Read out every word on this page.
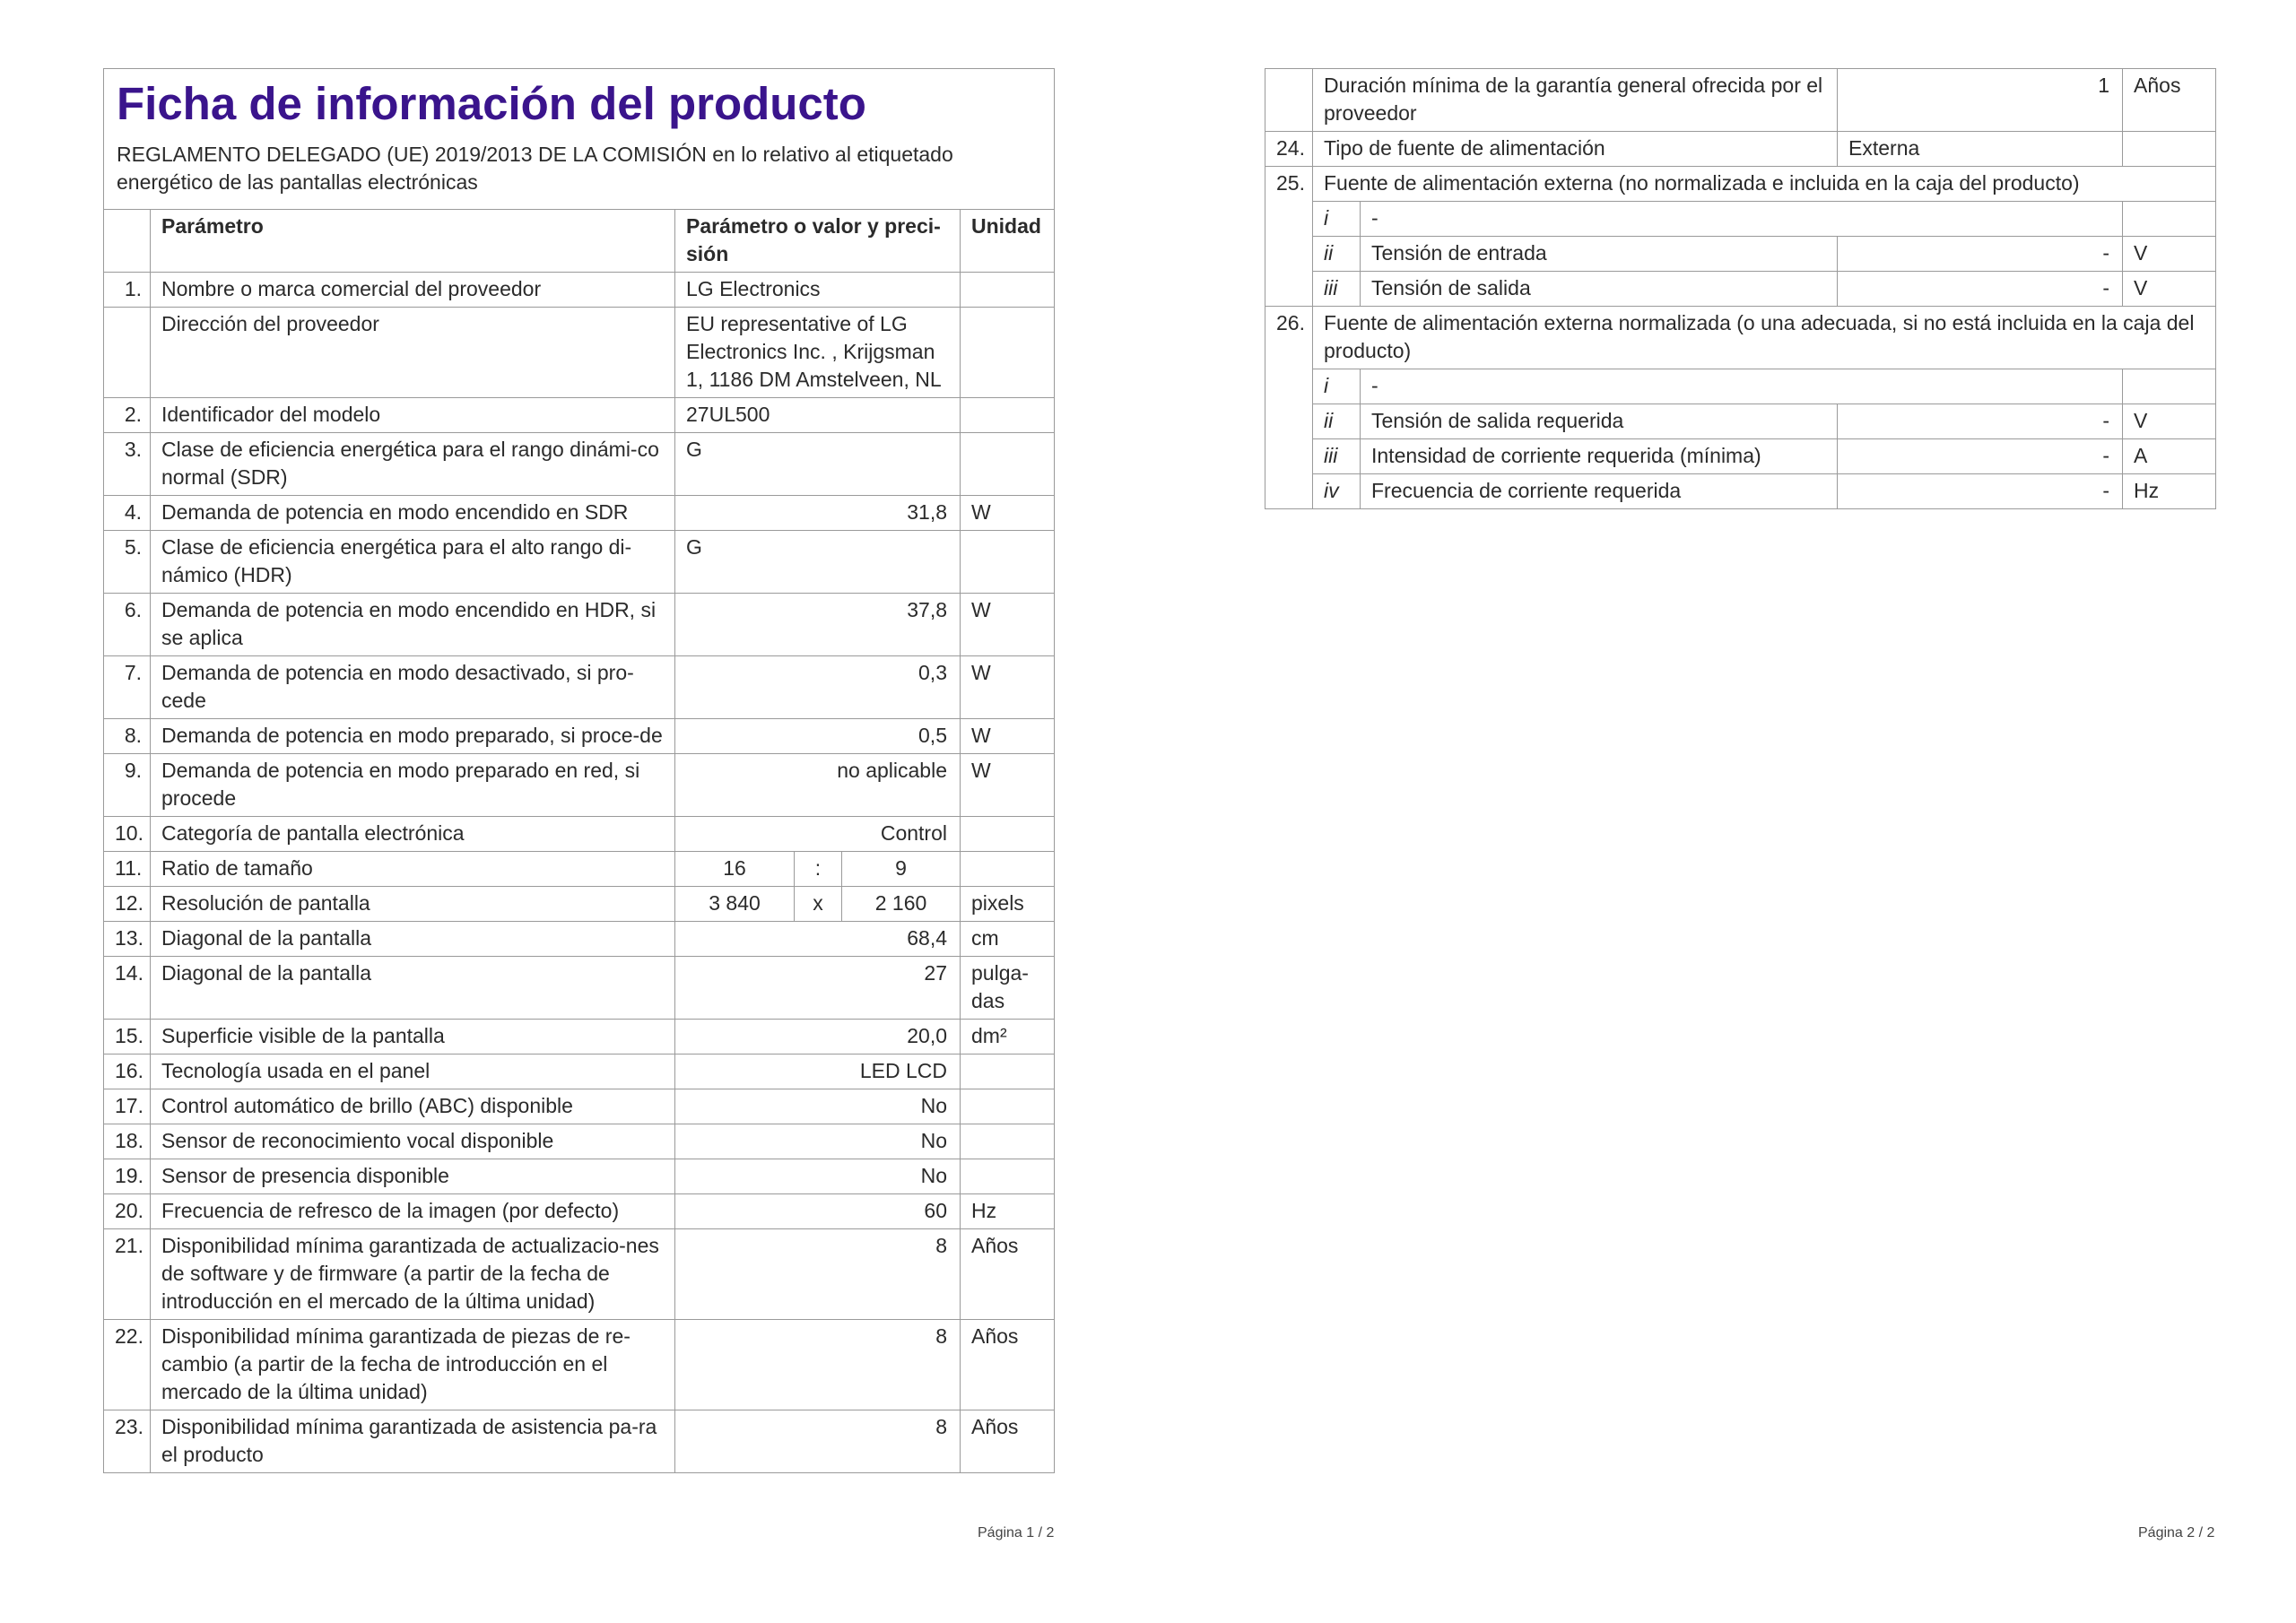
Ficha de información del producto
REGLAMENTO DELEGADO (UE) 2019/2013 DE LA COMISIÓN en lo relativo al etiquetado energético de las pantallas electrónicas					

	Parámetro	Parámetro o valor y preci-sión			Unidad
1.	Nombre o marca comercial del proveedor	LG Electronics			
	Dirección del proveedor	EU representative of LG Electronics Inc. , Krijgsman 1, 1186 DM Amstelveen, NL			
2.	Identificador del modelo	27UL500			
3.	Clase de eficiencia energética para el rango dinámi-co normal (SDR)	G			
4.	Demanda de potencia en modo encendido en SDR	31,8			W
5.	Clase de eficiencia energética para el alto rango di-námico (HDR)	G			
6.	Demanda de potencia en modo encendido en HDR, si se aplica	37,8			W
7.	Demanda de potencia en modo desactivado, si pro-cede	0,3			W
8.	Demanda de potencia en modo preparado, si proce-de	0,5			W
9.	Demanda de potencia en modo preparado en red, si procede	no aplicable			W
10.	Categoría de pantalla electrónica	Control			
11.	Ratio de tamaño	16	:	9	
12.	Resolución de pantalla	3 840	x	2 160	pixels
13.	Diagonal de la pantalla	68,4			cm
14.	Diagonal de la pantalla	27			pulga-das
15.	Superficie visible de la pantalla	20,0			dm²
16.	Tecnología usada en el panel	LED LCD			
17.	Control automático de brillo (ABC) disponible	No			
18.	Sensor de reconocimiento vocal disponible	No			
19.	Sensor de presencia disponible	No			
20.	Frecuencia de refresco de la imagen (por defecto)	60			Hz
21.	Disponibilidad mínima garantizada de actualizacio-nes de software y de firmware (a partir de la fecha de introducción en el mercado de la última unidad)	8			Años
22.	Disponibilidad mínima garantizada de piezas de re-cambio (a partir de la fecha de introducción en el mercado de la última unidad)	8			Años
23.	Disponibilidad mínima garantizada de asistencia pa-ra el producto	8			Años
	Duración mínima de la garantía general ofrecida por el proveedor		1	Años
24.	Tipo de fuente de alimentación		Externa	
25.	Fuente de alimentación externa (no normalizada e incluida en la caja del producto)			
	i	-		
	ii	Tensión de entrada	-	V
	iii	Tensión de salida	-	V
26.	Fuente de alimentación externa normalizada (o una adecuada, si no está incluida en la caja del producto)			
	i	-		
	ii	Tensión de salida requerida	-	V
	iii	Intensidad de corriente requerida (mínima)	-	A
	iv	Frecuencia de corriente requerida	-	Hz
Página 1 / 2	Página 2 / 2
